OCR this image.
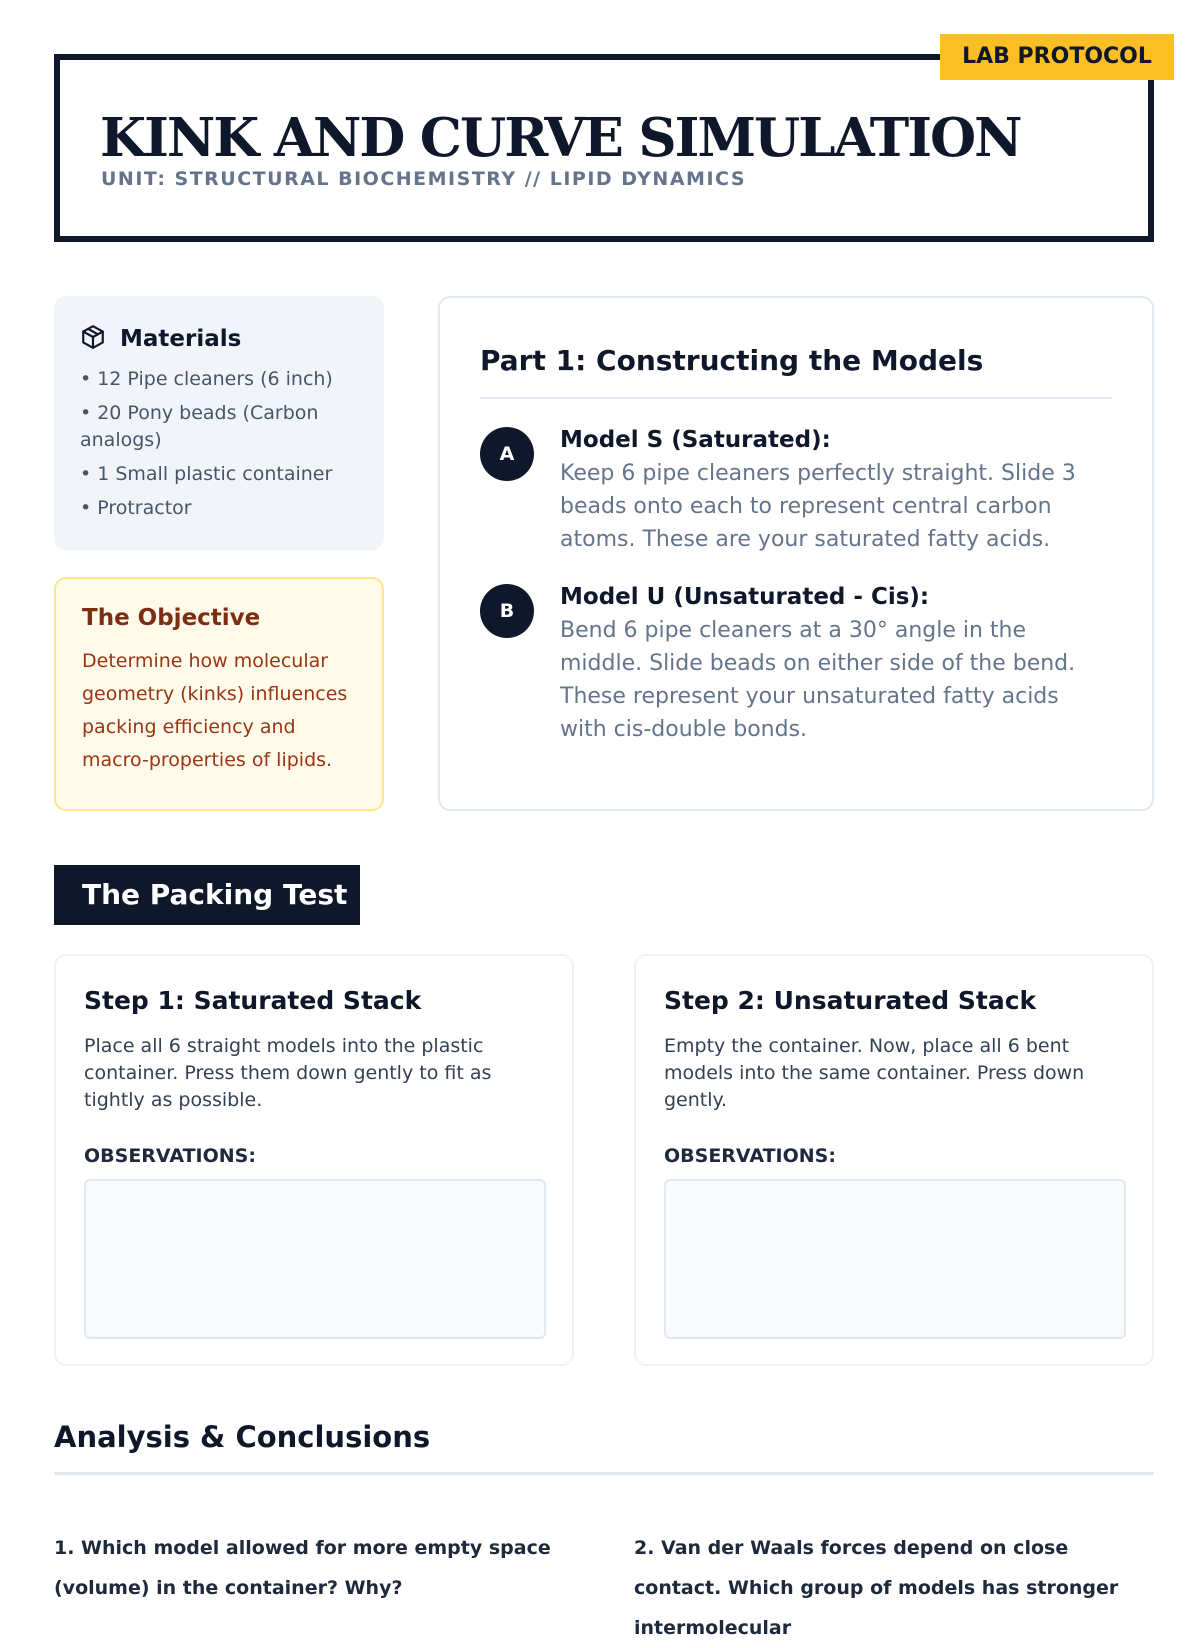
LAB PROTOCOL
KINK AND CURVE SIMULATION
UNIT: STRUCTURAL BIOCHEMISTRY // LIPID DYNAMICS
Materials
• 12 Pipe cleaners (6 inch)
• 20 Pony beads (Carbon analogs)
• 1 Small plastic container
• Protractor
The Objective

Determine how molecular geometry (kinks) influences packing efficiency and macro-properties of lipids.

Part 1: Constructing the Models
A

Model S (Saturated):

Keep 6 pipe cleaners perfectly straight. Slide 3 beads onto each to represent central carbon atoms. These are your saturated fatty acids.

B

Model U (Unsaturated - Cis):

Bend 6 pipe cleaners at a 30° angle in the middle. Slide beads on either side of the bend. These represent your unsaturated fatty acids with cis-double bonds.

The Packing Test
Step 1: Saturated Stack

Place all 6 straight models into the plastic container. Press them down gently to fit as tightly as possible.

OBSERVATIONS:
Step 2: Unsaturated Stack

Empty the container. Now, place all 6 bent models into the same container. Press down gently.

OBSERVATIONS:
Analysis & Conclusions

1. Which model allowed for more empty space (volume) in the container? Why?

2. Van der Waals forces depend on close contact. Which group of models has stronger intermolecular
